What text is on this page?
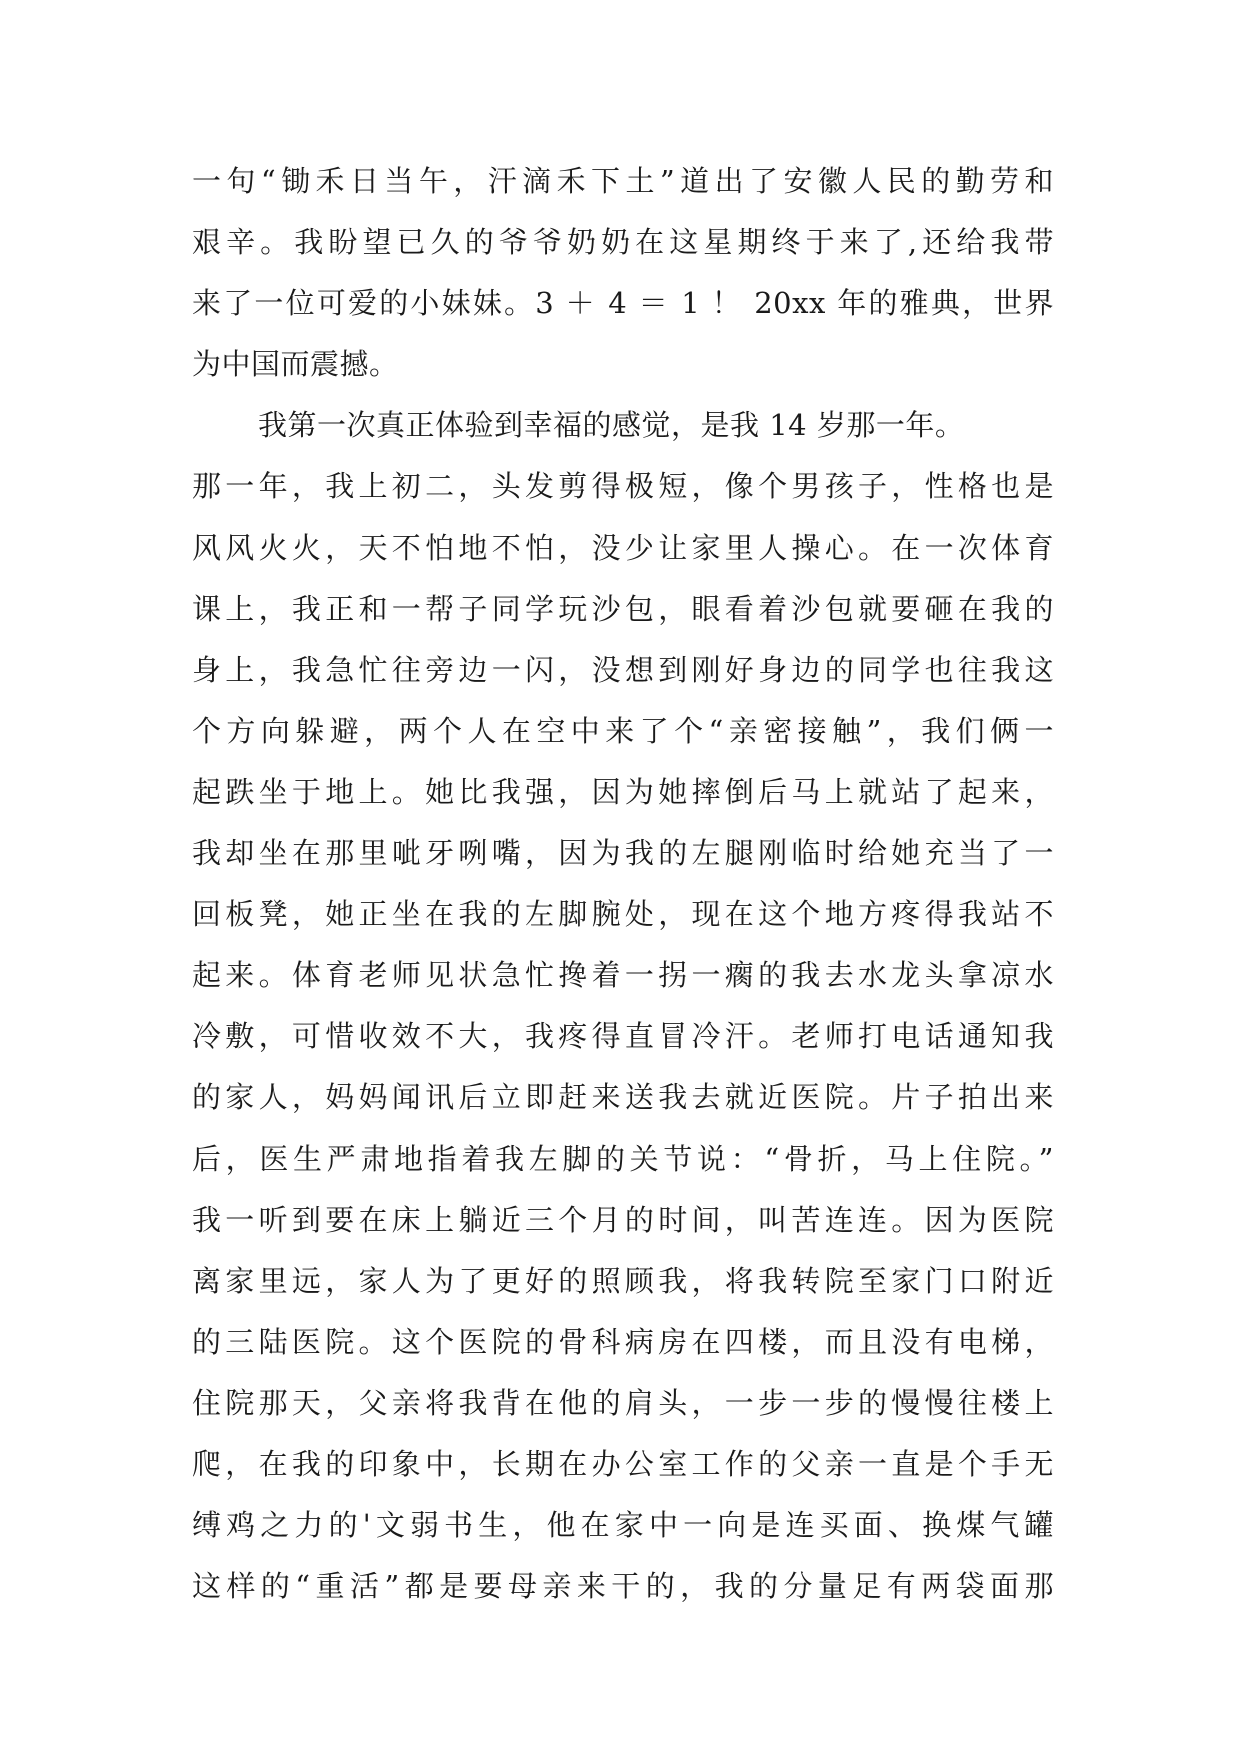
一句“锄禾日当午，汗滴禾下土”道出了安徽人民的勤劳和
艰辛。我盼望已久的爷爷奶奶在这星期终于来了,还给我带
来了一位可爱的小妹妹。3 ＋ 4 ＝ 1 ！ 20xx 年的雅典，世界
为中国而震撼。
我第一次真正体验到幸福的感觉，是我 14 岁那一年。
那一年，我上初二，头发剪得极短，像个男孩子，性格也是
风风火火，天不怕地不怕，没少让家里人操心。在一次体育
课上，我正和一帮子同学玩沙包，眼看着沙包就要砸在我的
身上，我急忙往旁边一闪，没想到刚好身边的同学也往我这
个方向躲避，两个人在空中来了个“亲密接触”，我们俩一
起跌坐于地上。她比我强，因为她摔倒后马上就站了起来，
我却坐在那里呲牙咧嘴，因为我的左腿刚临时给她充当了一
回板凳，她正坐在我的左脚腕处，现在这个地方疼得我站不
起来。体育老师见状急忙搀着一拐一瘸的我去水龙头拿凉水
冷敷，可惜收效不大，我疼得直冒冷汗。老师打电话通知我
的家人，妈妈闻讯后立即赶来送我去就近医院。片子拍出来
后，医生严肃地指着我左脚的关节说：“骨折，马上住院。”
我一听到要在床上躺近三个月的时间，叫苦连连。因为医院
离家里远，家人为了更好的照顾我，将我转院至家门口附近
的三陆医院。这个医院的骨科病房在四楼，而且没有电梯，
住院那天，父亲将我背在他的肩头，一步一步的慢慢往楼上
爬，在我的印象中，长期在办公室工作的父亲一直是个手无
缚鸡之力的'文弱书生，他在家中一向是连买面、换煤气罐
这样的“重活”都是要母亲来干的，我的分量足有两袋面那
